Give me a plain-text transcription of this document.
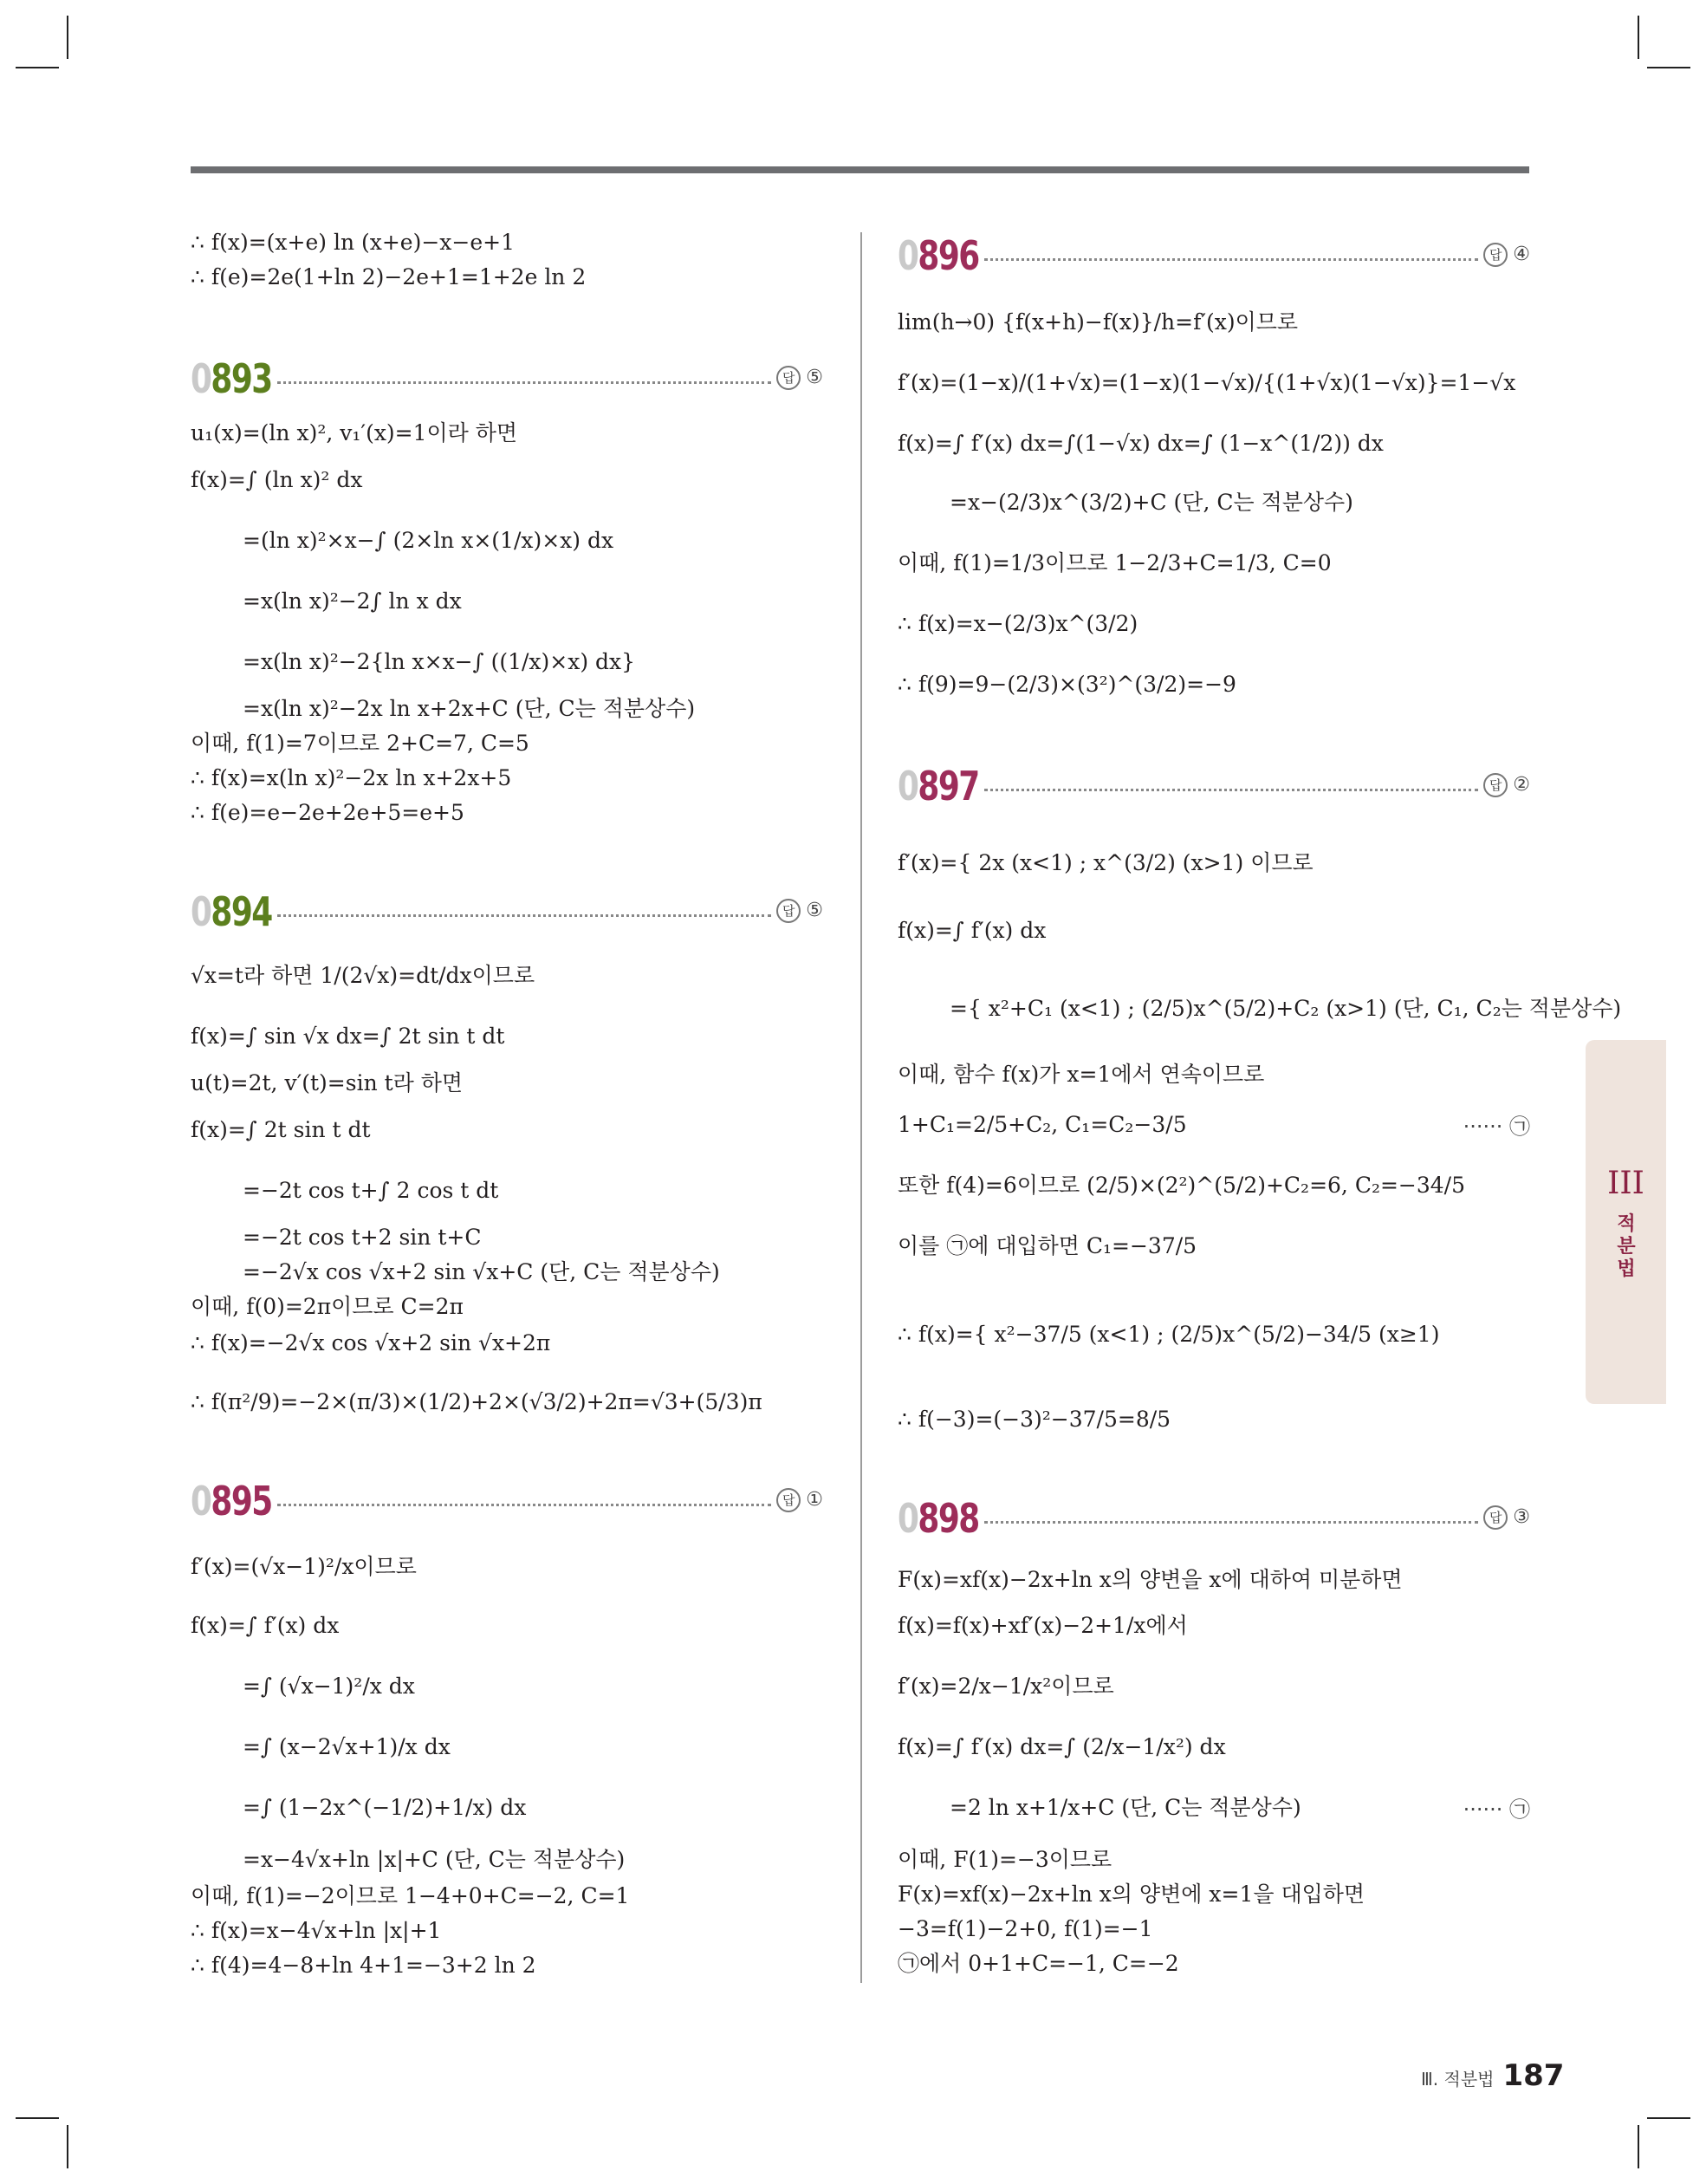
∴ f(x)=(x+e) ln (x+e)−x−e+1
∴ f(e)=2e(1+ln 2)−2e+1=1+2e ln 2
0893	답 ⑤
u₁(x)=(ln x)², v₁′(x)=1이라 하면
f(x)=∫ (ln x)² dx
=(ln x)²×x−∫ (2×ln x×(1/x)×x) dx
=x(ln x)²−2∫ ln x dx
=x(ln x)²−2{ln x×x−∫ ((1/x)×x) dx}
=x(ln x)²−2x ln x+2x+C (단, C는 적분상수)
이때, f(1)=7이므로 2+C=7, C=5
∴ f(x)=x(ln x)²−2x ln x+2x+5
∴ f(e)=e−2e+2e+5=e+5
0894	답 ⑤
√x=t라 하면 1/(2√x)=dt/dx이므로
f(x)=∫ sin √x dx=∫ 2t sin t dt
u(t)=2t, v′(t)=sin t라 하면
f(x)=∫ 2t sin t dt
=−2t cos t+∫ 2 cos t dt
=−2t cos t+2 sin t+C
=−2√x cos √x+2 sin √x+C (단, C는 적분상수)
이때, f(0)=2π이므로 C=2π
∴ f(x)=−2√x cos √x+2 sin √x+2π
∴ f(π²/9)=−2×(π/3)×(1/2)+2×(√3/2)+2π=√3+(5/3)π
0895	답 ①
f′(x)=(√x−1)²/x이므로
f(x)=∫ f′(x) dx
=∫ (√x−1)²/x dx
=∫ (x−2√x+1)/x dx
=∫ (1−2x^(−1/2)+1/x) dx
=x−4√x+ln |x|+C (단, C는 적분상수)
이때, f(1)=−2이므로 1−4+0+C=−2, C=1
∴ f(x)=x−4√x+ln |x|+1
∴ f(4)=4−8+ln 4+1=−3+2 ln 2
0896	답 ④
lim(h→0) {f(x+h)−f(x)}/h=f′(x)이므로
f′(x)=(1−x)/(1+√x)=(1−x)(1−√x)/{(1+√x)(1−√x)}=1−√x
f(x)=∫ f′(x) dx=∫(1−√x) dx=∫ (1−x^(1/2)) dx
=x−(2/3)x^(3/2)+C (단, C는 적분상수)
이때, f(1)=1/3이므로 1−2/3+C=1/3, C=0
∴ f(x)=x−(2/3)x^(3/2)
∴ f(9)=9−(2/3)×(3²)^(3/2)=−9
0897	답 ②
f′(x)={ 2x (x<1) ; x^(3/2) (x>1) 이므로
f(x)=∫ f′(x) dx
={ x²+C₁ (x<1) ; (2/5)x^(5/2)+C₂ (x>1) (단, C₁, C₂는 적분상수)
이때, 함수 f(x)가 x=1에서 연속이므로
1+C₁=2/5+C₂, C₁=C₂−3/5	······ ㉠
또한 f(4)=6이므로 (2/5)×(2²)^(5/2)+C₂=6, C₂=−34/5
이를 ㉠에 대입하면 C₁=−37/5
∴ f(x)={ x²−37/5 (x<1) ; (2/5)x^(5/2)−34/5 (x≥1)
∴ f(−3)=(−3)²−37/5=8/5
0898	답 ③
F(x)=xf(x)−2x+ln x의 양변을 x에 대하여 미분하면
f(x)=f(x)+xf′(x)−2+1/x에서
f′(x)=2/x−1/x²이므로
f(x)=∫ f′(x) dx=∫ (2/x−1/x²) dx
=2 ln x+1/x+C (단, C는 적분상수)	······ ㉠
이때, F(1)=−3이므로
F(x)=xf(x)−2x+ln x의 양변에 x=1을 대입하면
−3=f(1)−2+0, f(1)=−1
㉠에서 0+1+C=−1, C=−2
III
적분법
Ⅲ. 적분법 187
